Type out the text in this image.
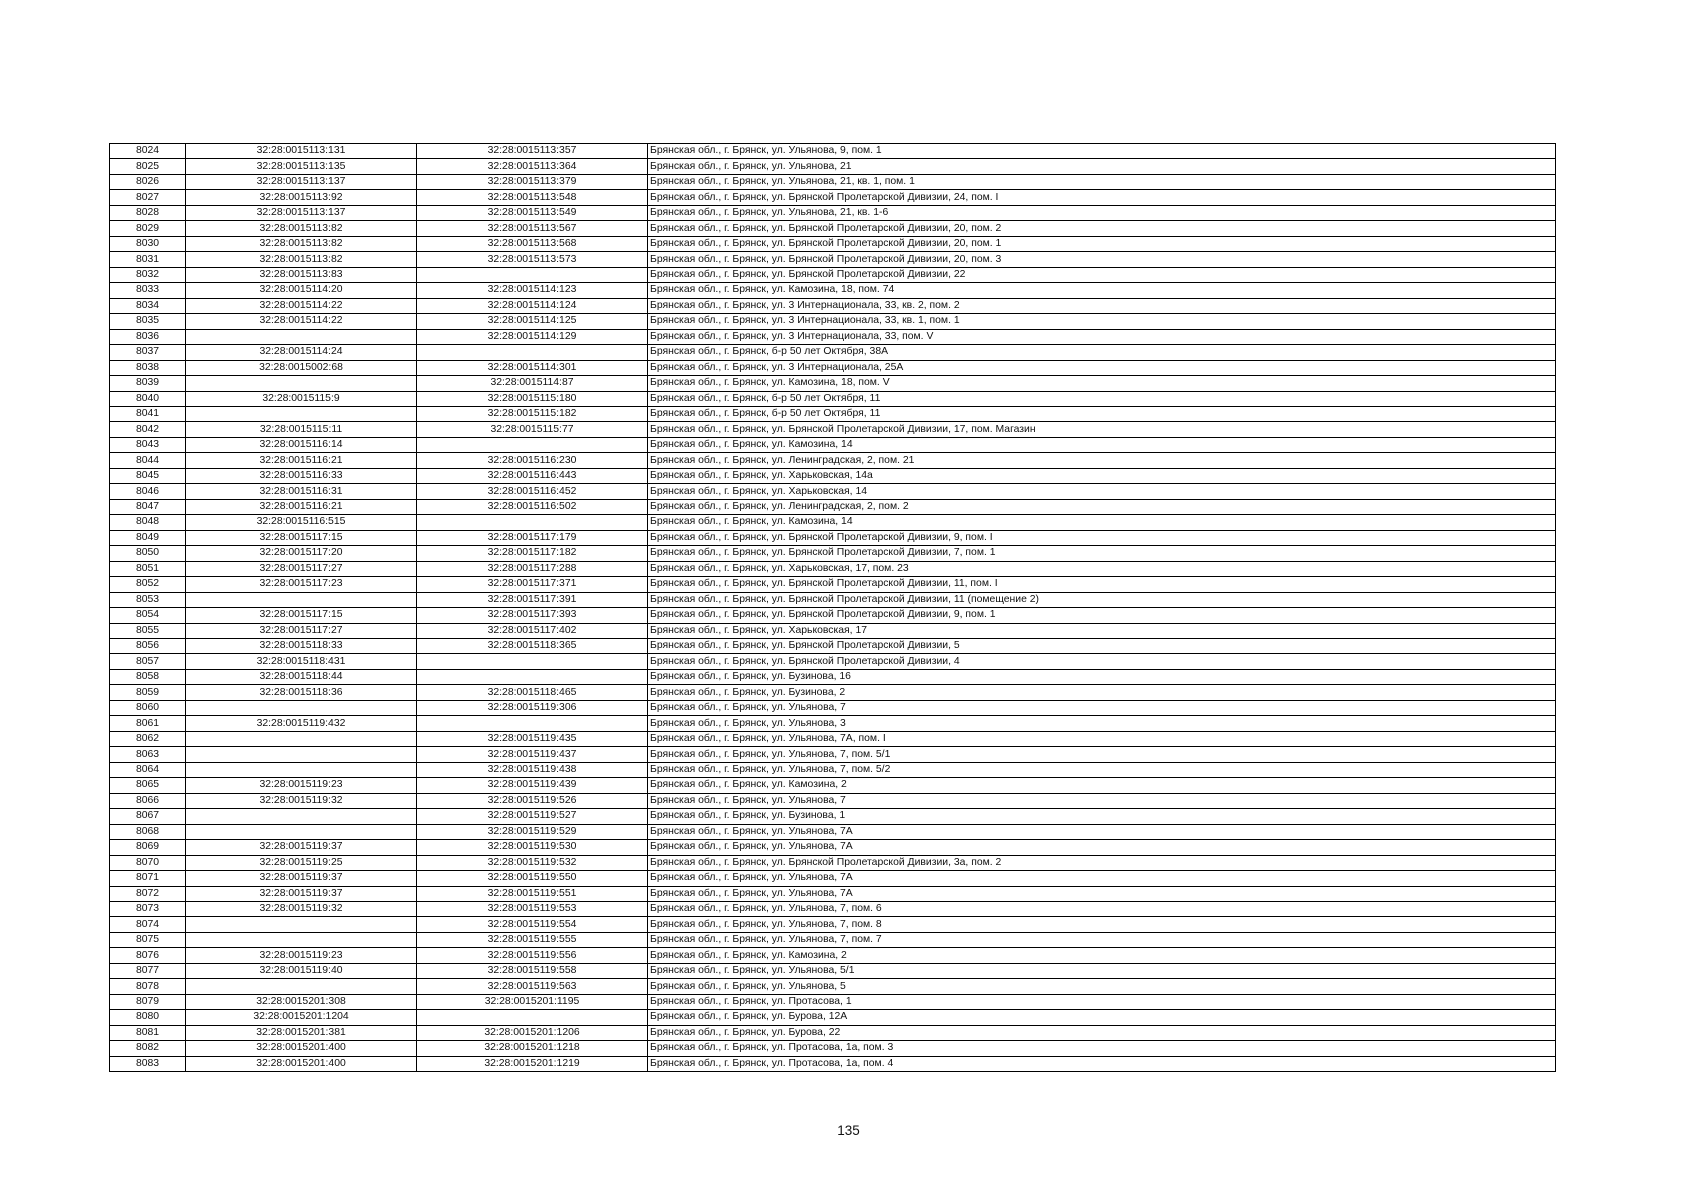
8024	32:28:0015113:131	32:28:0015113:357	Брянская обл., г. Брянск, ул. Ульянова, 9, пом. 1
8025	32:28:0015113:135	32:28:0015113:364	Брянская обл., г. Брянск, ул. Ульянова, 21
8026	32:28:0015113:137	32:28:0015113:379	Брянская обл., г. Брянск, ул. Ульянова, 21, кв. 1, пом. 1
8027	32:28:0015113:92	32:28:0015113:548	Брянская обл., г. Брянск, ул. Брянской Пролетарской Дивизии, 24, пом. I
8028	32:28:0015113:137	32:28:0015113:549	Брянская обл., г. Брянск, ул. Ульянова, 21, кв. 1-6
8029	32:28:0015113:82	32:28:0015113:567	Брянская обл., г. Брянск, ул. Брянской Пролетарской Дивизии, 20, пом. 2
8030	32:28:0015113:82	32:28:0015113:568	Брянская обл., г. Брянск, ул. Брянской Пролетарской Дивизии, 20, пом. 1
8031	32:28:0015113:82	32:28:0015113:573	Брянская обл., г. Брянск, ул. Брянской Пролетарской Дивизии, 20, пом. 3
8032	32:28:0015113:83		Брянская обл., г. Брянск, ул. Брянской Пролетарской Дивизии, 22
8033	32:28:0015114:20	32:28:0015114:123	Брянская обл., г. Брянск, ул. Камозина, 18, пом. 74
8034	32:28:0015114:22	32:28:0015114:124	Брянская обл., г. Брянск, ул. 3 Интернационала, 33, кв. 2, пом. 2
8035	32:28:0015114:22	32:28:0015114:125	Брянская обл., г. Брянск, ул. 3 Интернационала, 33, кв. 1, пом. 1
8036		32:28:0015114:129	Брянская обл., г. Брянск, ул. 3 Интернационала, 33, пом. V
8037	32:28:0015114:24		Брянская обл., г. Брянск, б-р 50 лет Октября, 38А
8038	32:28:0015002:68	32:28:0015114:301	Брянская обл., г. Брянск, ул. 3 Интернационала, 25А
8039		32:28:0015114:87	Брянская обл., г. Брянск, ул. Камозина, 18, пом. V
8040	32:28:0015115:9	32:28:0015115:180	Брянская обл., г. Брянск, б-р 50 лет Октября, 11
8041		32:28:0015115:182	Брянская обл., г. Брянск, б-р 50 лет Октября, 11
8042	32:28:0015115:11	32:28:0015115:77	Брянская обл., г. Брянск, ул. Брянской Пролетарской Дивизии, 17, пом. Магазин
8043	32:28:0015116:14		Брянская обл., г. Брянск, ул. Камозина, 14
8044	32:28:0015116:21	32:28:0015116:230	Брянская обл., г. Брянск, ул. Ленинградская, 2, пом. 21
8045	32:28:0015116:33	32:28:0015116:443	Брянская обл., г. Брянск, ул. Харьковская, 14а
8046	32:28:0015116:31	32:28:0015116:452	Брянская обл., г. Брянск, ул. Харьковская, 14
8047	32:28:0015116:21	32:28:0015116:502	Брянская обл., г. Брянск, ул. Ленинградская, 2, пом. 2
8048	32:28:0015116:515		Брянская обл., г. Брянск, ул. Камозина, 14
8049	32:28:0015117:15	32:28:0015117:179	Брянская обл., г. Брянск, ул. Брянской Пролетарской Дивизии, 9, пом. I
8050	32:28:0015117:20	32:28:0015117:182	Брянская обл., г. Брянск, ул. Брянской Пролетарской Дивизии, 7, пом. 1
8051	32:28:0015117:27	32:28:0015117:288	Брянская обл., г. Брянск, ул. Харьковская, 17, пом. 23
8052	32:28:0015117:23	32:28:0015117:371	Брянская обл., г. Брянск, ул. Брянской Пролетарской Дивизии, 11, пом. I
8053		32:28:0015117:391	Брянская обл., г. Брянск, ул. Брянской Пролетарской Дивизии, 11 (помещение 2)
8054	32:28:0015117:15	32:28:0015117:393	Брянская обл., г. Брянск, ул. Брянской Пролетарской Дивизии, 9, пом. 1
8055	32:28:0015117:27	32:28:0015117:402	Брянская обл., г. Брянск, ул. Харьковская, 17
8056	32:28:0015118:33	32:28:0015118:365	Брянская обл., г. Брянск, ул. Брянской Пролетарской Дивизии, 5
8057	32:28:0015118:431		Брянская обл., г. Брянск, ул. Брянской Пролетарской Дивизии, 4
8058	32:28:0015118:44		Брянская обл., г. Брянск, ул. Бузинова, 16
8059	32:28:0015118:36	32:28:0015118:465	Брянская обл., г. Брянск, ул. Бузинова, 2
8060		32:28:0015119:306	Брянская обл., г. Брянск, ул. Ульянова, 7
8061	32:28:0015119:432		Брянская обл., г. Брянск, ул. Ульянова, 3
8062		32:28:0015119:435	Брянская обл., г. Брянск, ул. Ульянова, 7А, пом. I
8063		32:28:0015119:437	Брянская обл., г. Брянск, ул. Ульянова, 7, пом. 5/1
8064		32:28:0015119:438	Брянская обл., г. Брянск, ул. Ульянова, 7, пом. 5/2
8065	32:28:0015119:23	32:28:0015119:439	Брянская обл., г. Брянск, ул. Камозина, 2
8066	32:28:0015119:32	32:28:0015119:526	Брянская обл., г. Брянск, ул. Ульянова, 7
8067		32:28:0015119:527	Брянская обл., г. Брянск, ул. Бузинова, 1
8068		32:28:0015119:529	Брянская обл., г. Брянск, ул. Ульянова, 7А
8069	32:28:0015119:37	32:28:0015119:530	Брянская обл., г. Брянск, ул. Ульянова, 7А
8070	32:28:0015119:25	32:28:0015119:532	Брянская обл., г. Брянск, ул. Брянской Пролетарской Дивизии, 3а, пом. 2
8071	32:28:0015119:37	32:28:0015119:550	Брянская обл., г. Брянск, ул. Ульянова, 7А
8072	32:28:0015119:37	32:28:0015119:551	Брянская обл., г. Брянск, ул. Ульянова, 7А
8073	32:28:0015119:32	32:28:0015119:553	Брянская обл., г. Брянск, ул. Ульянова, 7, пом. 6
8074		32:28:0015119:554	Брянская обл., г. Брянск, ул. Ульянова, 7, пом. 8
8075		32:28:0015119:555	Брянская обл., г. Брянск, ул. Ульянова, 7, пом. 7
8076	32:28:0015119:23	32:28:0015119:556	Брянская обл., г. Брянск, ул. Камозина, 2
8077	32:28:0015119:40	32:28:0015119:558	Брянская обл., г. Брянск, ул. Ульянова, 5/1
8078		32:28:0015119:563	Брянская обл., г. Брянск, ул. Ульянова, 5
8079	32:28:0015201:308	32:28:0015201:1195	Брянская обл., г. Брянск, ул. Протасова, 1
8080	32:28:0015201:1204		Брянская обл., г. Брянск, ул. Бурова, 12А
8081	32:28:0015201:381	32:28:0015201:1206	Брянская обл., г. Брянск, ул. Бурова, 22
8082	32:28:0015201:400	32:28:0015201:1218	Брянская обл., г. Брянск, ул. Протасова, 1а, пом. 3
8083	32:28:0015201:400	32:28:0015201:1219	Брянская обл., г. Брянск, ул. Протасова, 1а, пом. 4
135
